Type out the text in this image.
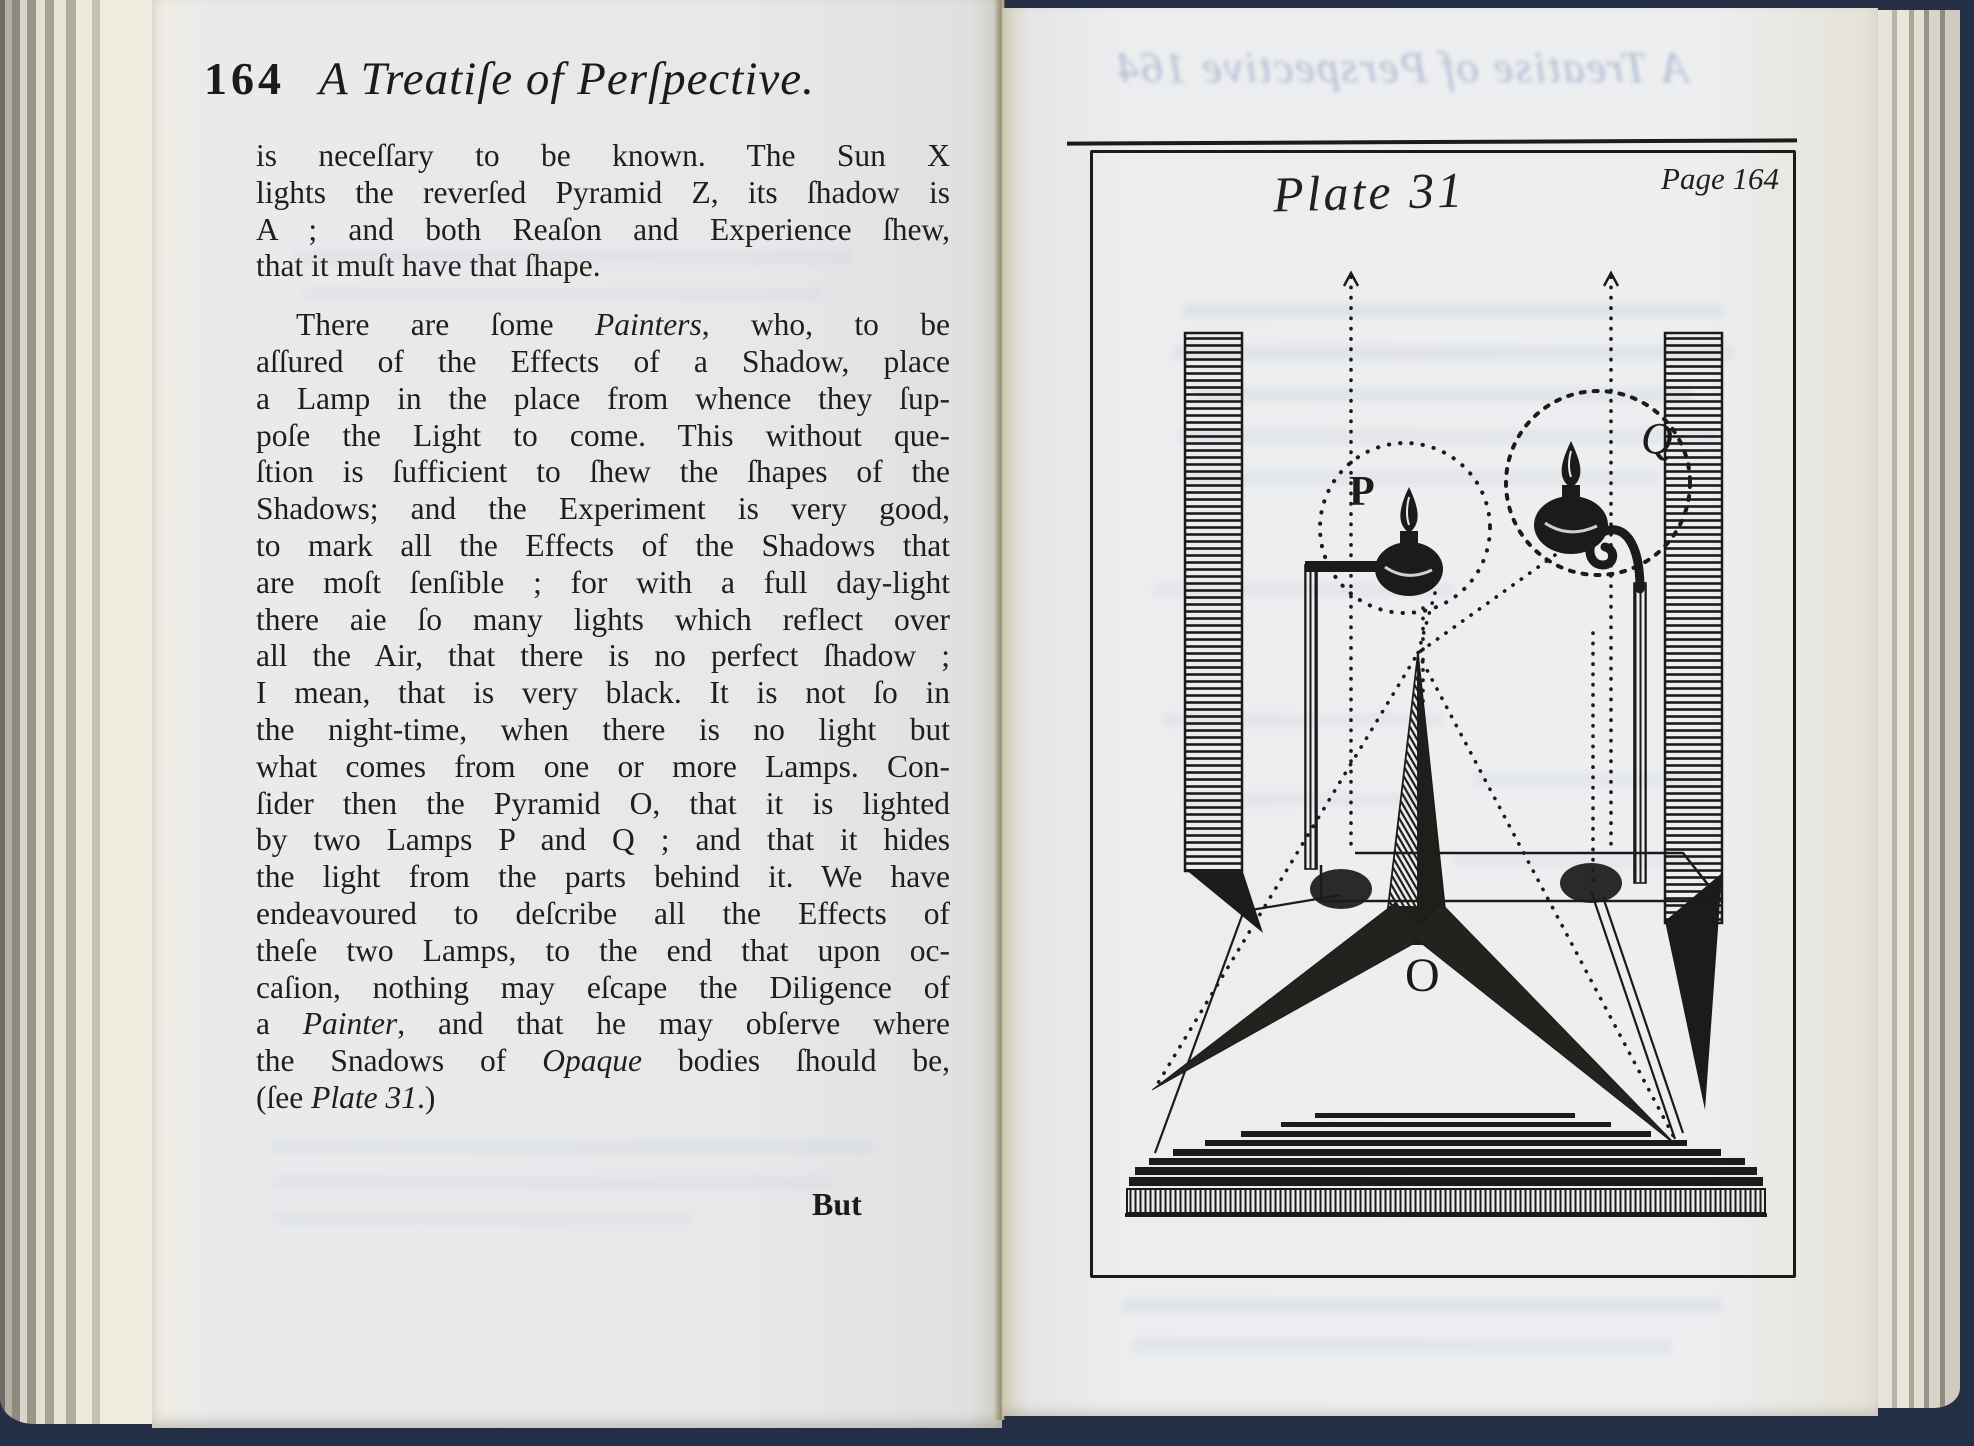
164 A Treatiſe of Perſpective.
is neceſſary to be known. The Sun X
lights the reverſed Pyramid Z, its ſhadow is
A ; and both Reaſon and Experience ſhew,
that it muſt have that ſhape.
There are ſome Painters, who, to be
aſſured of the Effects of a Shadow, place
a Lamp in the place from whence they ſup-
poſe the Light to come. This without que-
ſtion is ſufficient to ſhew the ſhapes of the
Shadows; and the Experiment is very good,
to mark all the Effects of the Shadows that
are moſt ſenſible ; for with a full day-light
there aie ſo many lights which reflect over
all the Air, that there is no perfect ſhadow ;
I mean, that is very black. It is not ſo in
the night-time, when there is no light but
what comes from one or more Lamps. Con-
ſider then the Pyramid O, that it is lighted
by two Lamps P and Q ; and that it hides
the light from the parts behind it. We have
endeavoured to deſcribe all the Effects of
theſe two Lamps, to the end that upon oc-
caſion, nothing may eſcape the Diligence of
a Painter, and that he may obſerve where
the Snadows of Opaque bodies ſhould be,
(ſee Plate 31.)
But
A Treatise of Perspective 164
Plate 31	Page 164
P
Q
O
